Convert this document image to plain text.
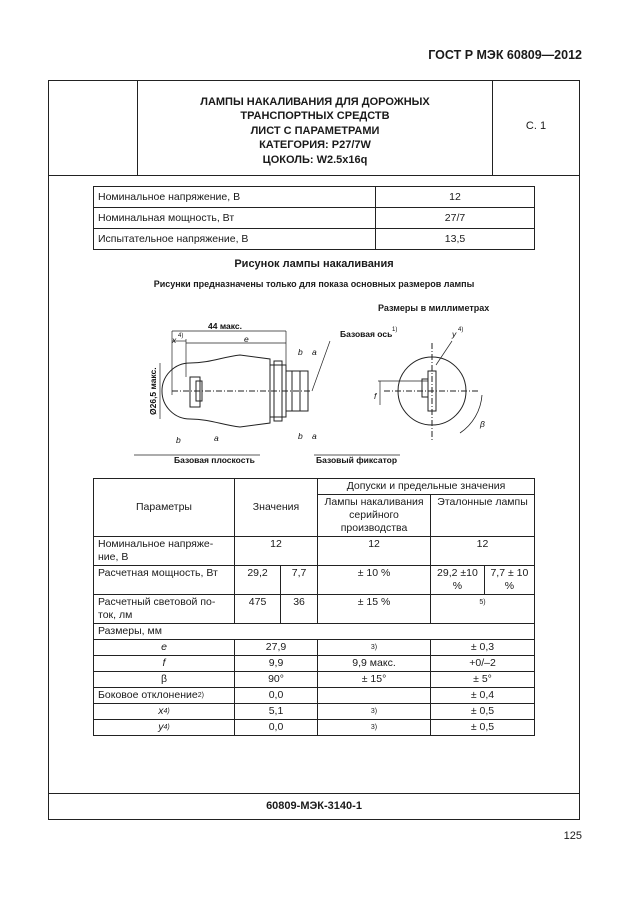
ГОСТ Р МЭК 60809—2012
ЛАМПЫ НАКАЛИВАНИЯ ДЛЯ ДОРОЖНЫХ
ТРАНСПОРТНЫХ СРЕДСТВ
ЛИСТ С ПАРАМЕТРАМИ
КАТЕГОРИЯ: P27/7W
ЦОКОЛЬ: W2.5x16q
С. 1
Номинальное напряжение, В	12
Номинальная мощность, Вт	27/7
Испытательное напряжение, В	13,5
Рисунок лампы накаливания
Рисунки предназначены только для показа основных размеров лампы
Размеры в миллиметрах
44 макс.
e
x 4)
Ø26,5 макс.
b	a
b a
b a
Базовая плоскость	Базовый фиксатор
Базовая ось 1)
f
y 4)
β
Параметры	Значения		Допуски и предельные значения		
			Лампы накаливания серийного производства	Эталонные лампы	
Номинальное напряже-ние, В	12		12	12	
Расчетная мощность, Вт	29,2	7,7	± 10 %	29,2 ±10 %	7,7 ± 10 %
Расчетный световой по-ток, лм	475	36	± 15 %	5)	
Размеры, мм					
e	27,9		3)	± 0,3	
f	9,9		9,9 макс.	+0/–2	
β	90°		± 15°	± 5°	
Боковое отклонение$^{2)}$	0,0			± 0,4	
$x^{4)}$	5,1		3)	± 0,5	
$y^{4)}$	0,0		3)	± 0,5	
60809-МЭК-3140-1
125
